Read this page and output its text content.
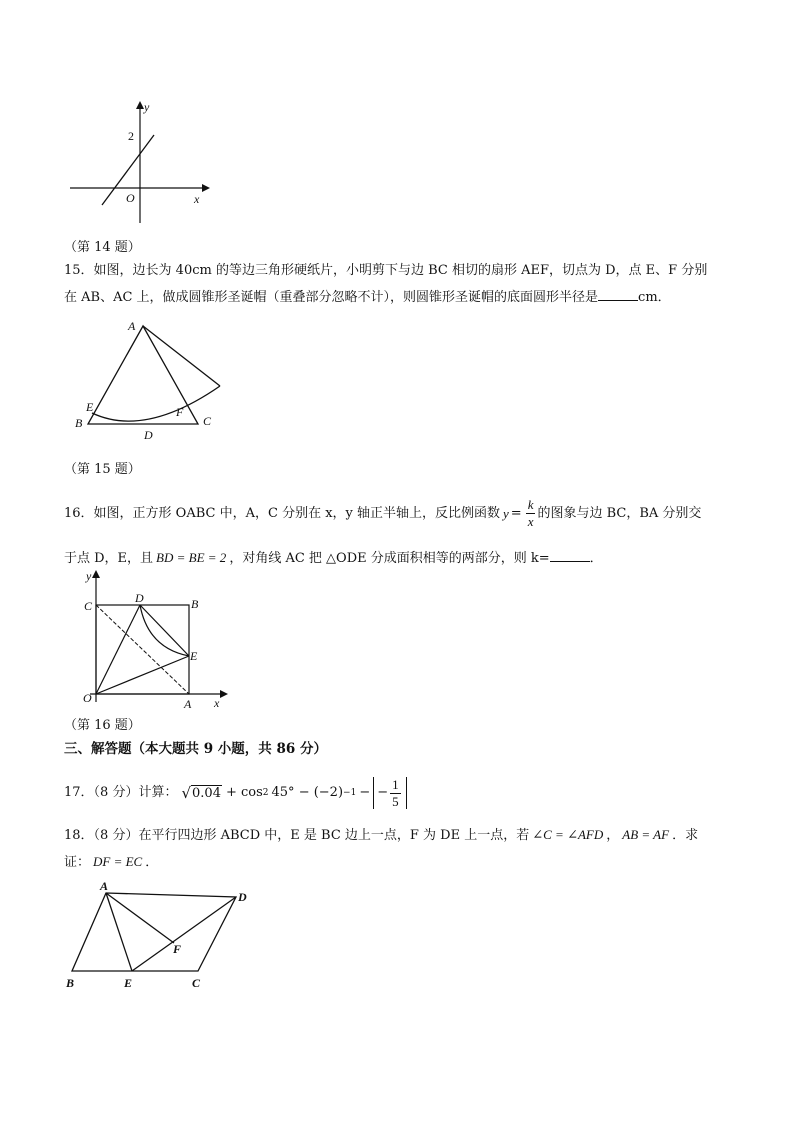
y
2
O	x
（第 14 题）
15．如图，边长为 40cm 的等边三角形硬纸片，小明剪下与边 BC 相切的扇形 AEF，切点为 D，点 E、F 分别
在 AB、AC 上，做成圆锥形圣诞帽（重叠部分忽略不计），则圆锥形圣诞帽的底面圆形半径是	cm．
A
E	F
B
D
C
（第 15 题）
16． 如图，正方形 OABC 中，A，C 分别在 x，y 轴正半轴上，反比例函数 $y = \frac{k}{x}$ 的图象与边 BC，BA 分别交
于点 D，E，且 BD = BE = 2 ，对角线 AC 把 △ODE 分成面积相等的两部分，则 k=	．
y
C
D	B
E
O	A x
（第 16 题）
三、解答题（本大题共 9 小题，共 86 分）
17．（8 分）计算： √ 0.04 + cos 2 45° − (−2) −1 − − $\frac{1}{5}$
18．（8 分）在平行四边形 ABCD 中，E 是 BC 边上一点，F 为 DE 上一点，若 ∠C = ∠AFD ， AB = AF ．求
证： DF = EC ．
A
D
F
B	E	C
